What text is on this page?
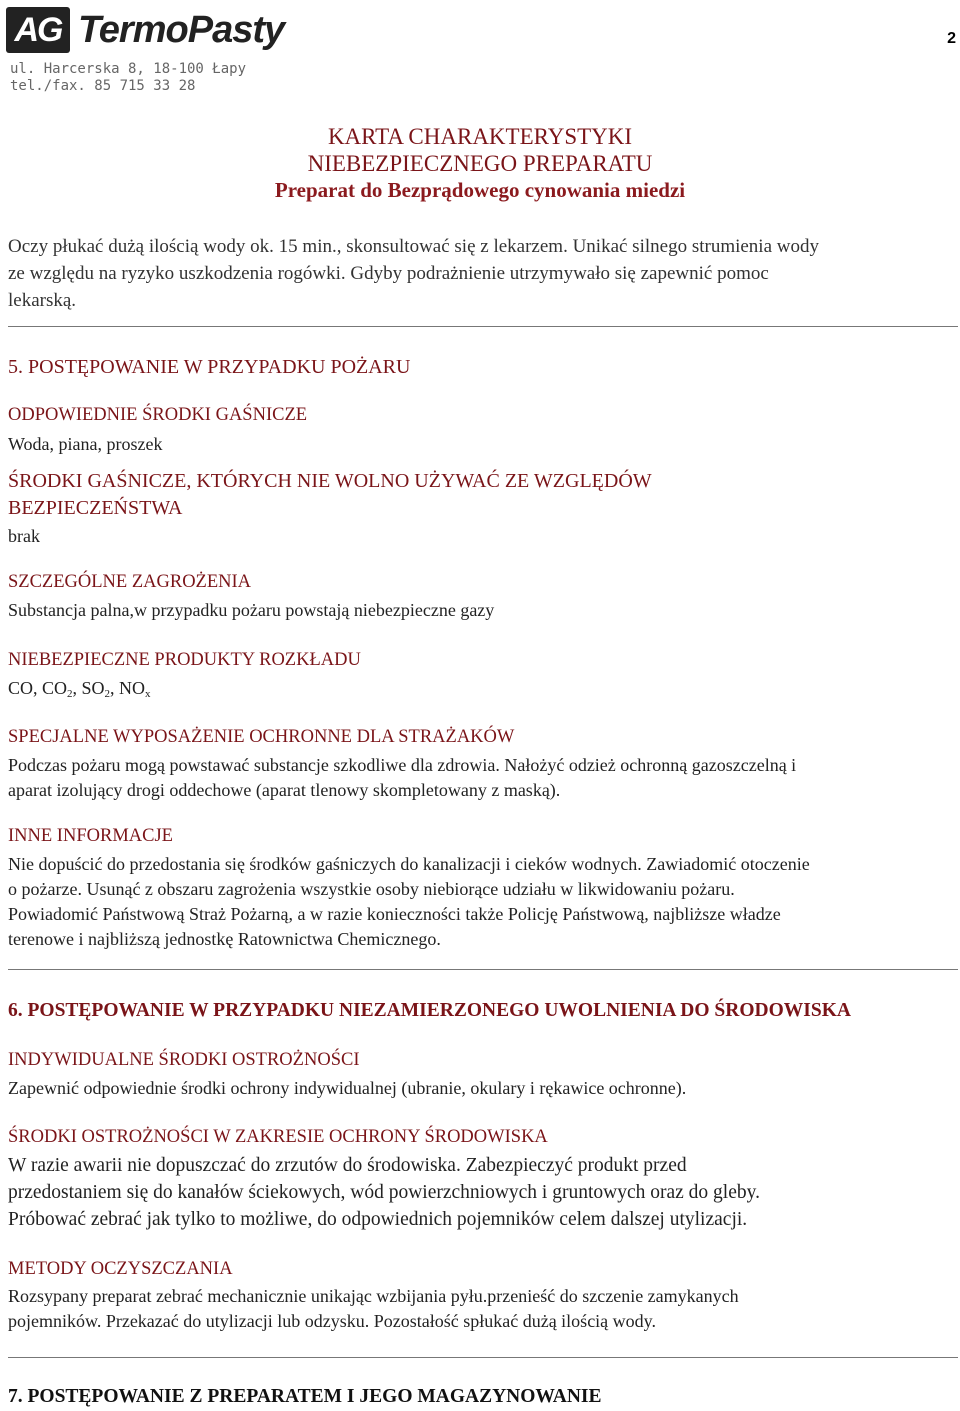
AG TermoPasty	2
ul. Harcerska 8, 18-100 Łapy
tel./fax. 85 715 33 28
KARTA CHARAKTERYSTYKI
NIEBEZPIECZNEGO PREPARATU
Preparat do Bezprądowego cynowania miedzi
Oczy płukać dużą ilością wody ok. 15 min., skonsultować się z lekarzem. Unikać silnego strumienia wody
ze względu na ryzyko uszkodzenia rogówki. Gdyby podrażnienie utrzymywało się zapewnić pomoc
lekarską.
5. POSTĘPOWANIE W PRZYPADKU POŻARU
ODPOWIEDNIE ŚRODKI GAŚNICZE
Woda, piana, proszek
ŚRODKI GAŚNICZE, KTÓRYCH NIE WOLNO UŻYWAĆ ZE WZGLĘDÓW
BEZPIECZEŃSTWA
brak
SZCZEGÓLNE ZAGROŻENIA
Substancja palna,w przypadku pożaru powstają niebezpieczne gazy
NIEBEZPIECZNE PRODUKTY ROZKŁADU
CO, $CO_2$, $SO_2$, $NO_x$
SPECJALNE WYPOSAŻENIE OCHRONNE DLA STRAŻAKÓW
Podczas pożaru mogą powstawać substancje szkodliwe dla zdrowia. Nałożyć odzież ochronną gazoszczelną i
aparat izolujący drogi oddechowe (aparat tlenowy skompletowany z maską).
INNE INFORMACJE
Nie dopuścić do przedostania się środków gaśniczych do kanalizacji i cieków wodnych. Zawiadomić otoczenie
o pożarze. Usunąć z obszaru zagrożenia wszystkie osoby niebiorące udziału w likwidowaniu pożaru.
Powiadomić Państwową Straż Pożarną, a w razie konieczności także Policję Państwową, najbliższe władze
terenowe i najbliższą jednostkę Ratownictwa Chemicznego.
6. POSTĘPOWANIE W PRZYPADKU NIEZAMIERZONEGO UWOLNIENIA DO ŚRODOWISKA
INDYWIDUALNE ŚRODKI OSTROŻNOŚCI
Zapewnić odpowiednie środki ochrony indywidualnej (ubranie, okulary i rękawice ochronne).
ŚRODKI OSTROŻNOŚCI W ZAKRESIE OCHRONY ŚRODOWISKA
W razie awarii nie dopuszczać do zrzutów do środowiska. Zabezpieczyć produkt przed
przedostaniem się do kanałów ściekowych, wód powierzchniowych i gruntowych oraz do gleby.
Próbować zebrać jak tylko to możliwe, do odpowiednich pojemników celem dalszej utylizacji.
METODY OCZYSZCZANIA
Rozsypany preparat zebrać mechanicznie unikając wzbijania pyłu.przenieść do szczenie zamykanych
pojemników. Przekazać do utylizacji lub odzysku. Pozostałość spłukać dużą ilością wody.
7. POSTĘPOWANIE Z PREPARATEM I JEGO MAGAZYNOWANIE
